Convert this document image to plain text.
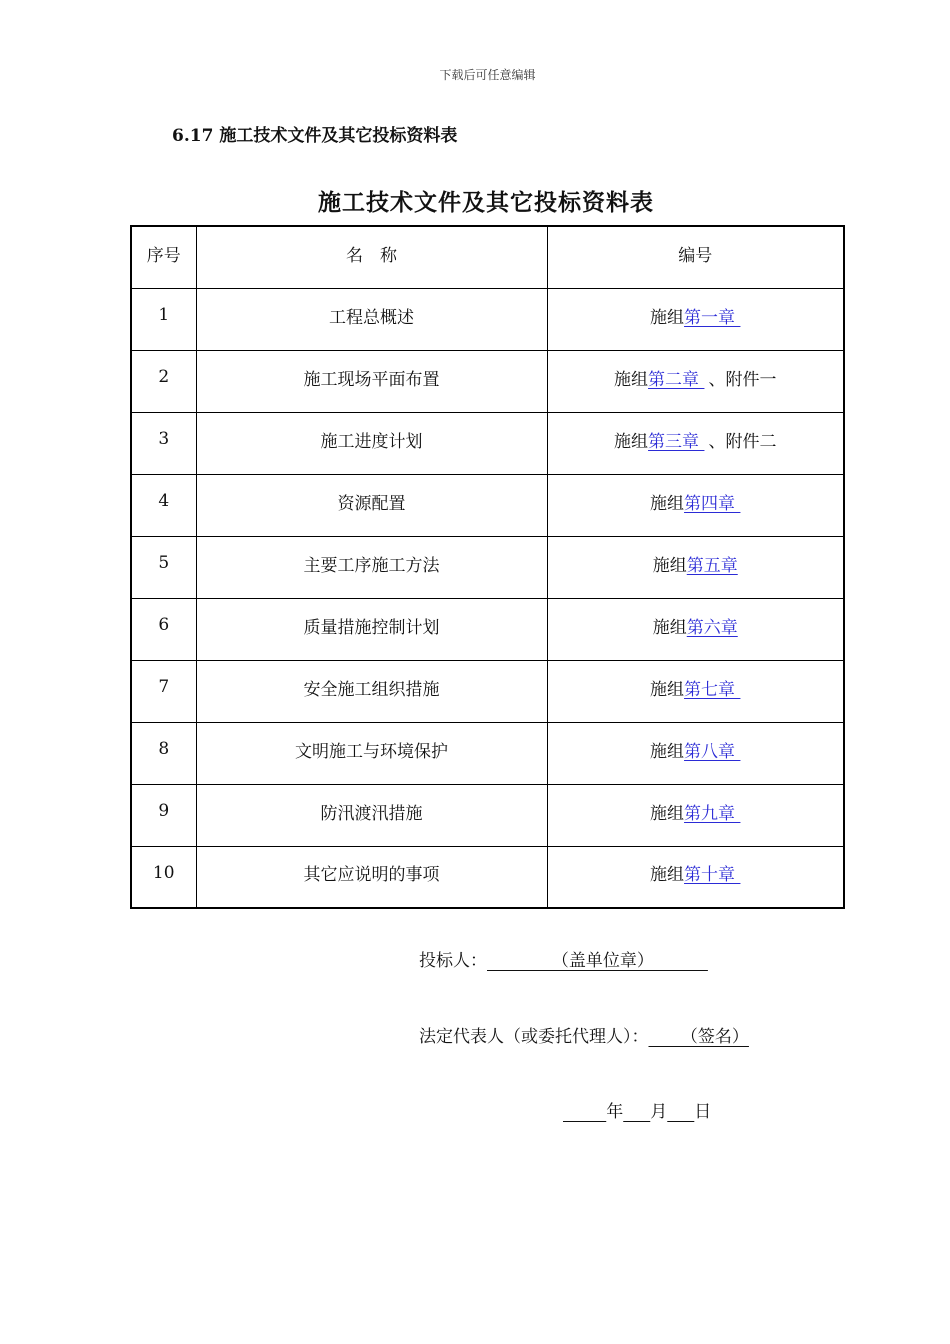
下载后可任意编辑
6.17 施工技术文件及其它投标资料表
施工技术文件及其它投标资料表
序号	名　称	编号
1	工程总概述	施组第一章
2	施工现场平面布置	施组第二章 、附件一
3	施工进度计划	施组第三章 、附件二
4	资源配置	施组第四章
5	主要工序施工方法	施组第五章
6	质量措施控制计划	施组第六章
7	安全施工组织措施	施组第七章
8	文明施工与环境保护	施组第八章
9	防汛渡汛措施	施组第九章
10	其它应说明的事项	施组第十章
投标人：            （盖单位章）
法定代表人（或委托代理人）：      （签名）
年 月 日
